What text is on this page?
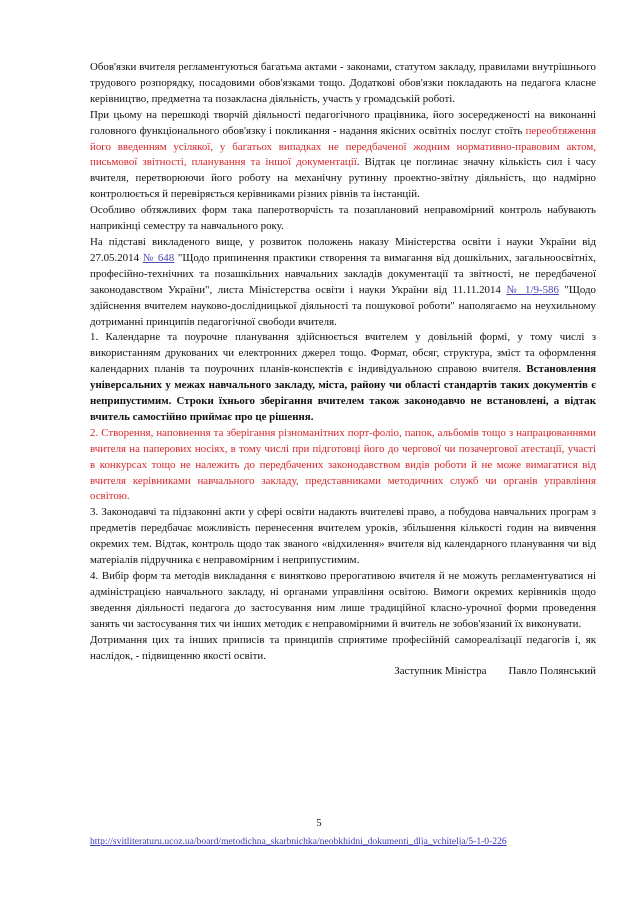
Обов'язки вчителя регламентуються багатьма актами - законами, статутом закладу, правилами внутрішнього трудового розпорядку, посадовими обов'язками тощо. Додаткові обов'язки покладають на педагога класне керівництво, предметна та позакласна діяльність, участь у громадській роботі.

При цьому на перешкоді творчій діяльності педагогічного працівника, його зосередженості на виконанні головного функціонального обов'язку і покликання - надання якісних освітніх послуг стоїть переобтяження його введенням усілякої, у багатьох випадках не передбаченої жодним нормативно-правовим актом, письмової звітності, планування та іншої документації. Відтак це поглинає значну кількість сил і часу вчителя, перетворюючи його роботу на механічну рутинну проектно-звітну діяльність, що надмірно контролюється й перевіряється керівниками різних рівнів та інстанцій.

Особливо обтяжливих форм така паперотворчість та позаплановий неправомірний контроль набувають наприкінці семестру та навчального року.

На підставі викладеного вище, у розвиток положень наказу Міністерства освіти і науки України від 27.05.2014 № 648 "Щодо припинення практики створення та вимагання від дошкільних, загальноосвітніх, професійно-технічних та позашкільних навчальних закладів документації та звітності, не передбаченої законодавством України", листа Міністерства освіти і науки України від 11.11.2014 № 1/9-586 "Щодо здійснення вчителем науково-дослідницької діяльності та пошукової роботи" наполягаємо на неухильному дотриманні принципів педагогічної свободи вчителя.

1. Календарне та поурочне планування здійснюється вчителем у довільній формі, у тому числі з використанням друкованих чи електронних джерел тощо. Формат, обсяг, структура, зміст та оформлення календарних планів та поурочних планів-конспектів є індивідуальною справою вчителя. Встановлення універсальних у межах навчального закладу, міста, району чи області стандартів таких документів є неприпустимим. Строки їхнього зберігання вчителем також законодавчо не встановлені, а відтак вчитель самостійно приймає про це рішення.

2. Створення, наповнення та зберігання різноманітних порт-фоліо, папок, альбомів тощо з напрацюваннями вчителя на паперових носіях, в тому числі при підготовці його до чергової чи позачергової атестації, участі в конкурсах тощо не належить до передбачених законодавством видів роботи й не може вимагатися від вчителя керівниками навчального закладу, представниками методичних служб чи органів управління освітою.

3. Законодавчі та підзаконні акти у сфері освіти надають вчителеві право, а побудова навчальних програм з предметів передбачає можливість перенесення вчителем уроків, збільшення кількості годин на вивчення окремих тем. Відтак, контроль щодо так званого «відхилення» вчителя від календарного планування чи від матеріалів підручника є неправомірним і неприпустимим.

4. Вибір форм та методів викладання є винятково прерогативою вчителя й не можуть регламентуватися ні адміністрацією навчального закладу, ні органами управління освітою. Вимоги окремих керівників щодо зведення діяльності педагога до застосування ним лише традиційної класно-урочної форми проведення занять чи застосування тих чи інших методик є неправомірними й вчитель не зобов'язаний їх виконувати.

Дотримання цих та інших приписів та принципів сприятиме професійній самореалізації педагогів і, як наслідок, - підвищенню якості освіти.

Заступник Міністра Павло Полянський

5
http://svitliteraturu.ucoz.ua/board/metodichna_skarbnichka/neobkhidni_dokumenti_dlja_vchitelja/5-1-0-226
